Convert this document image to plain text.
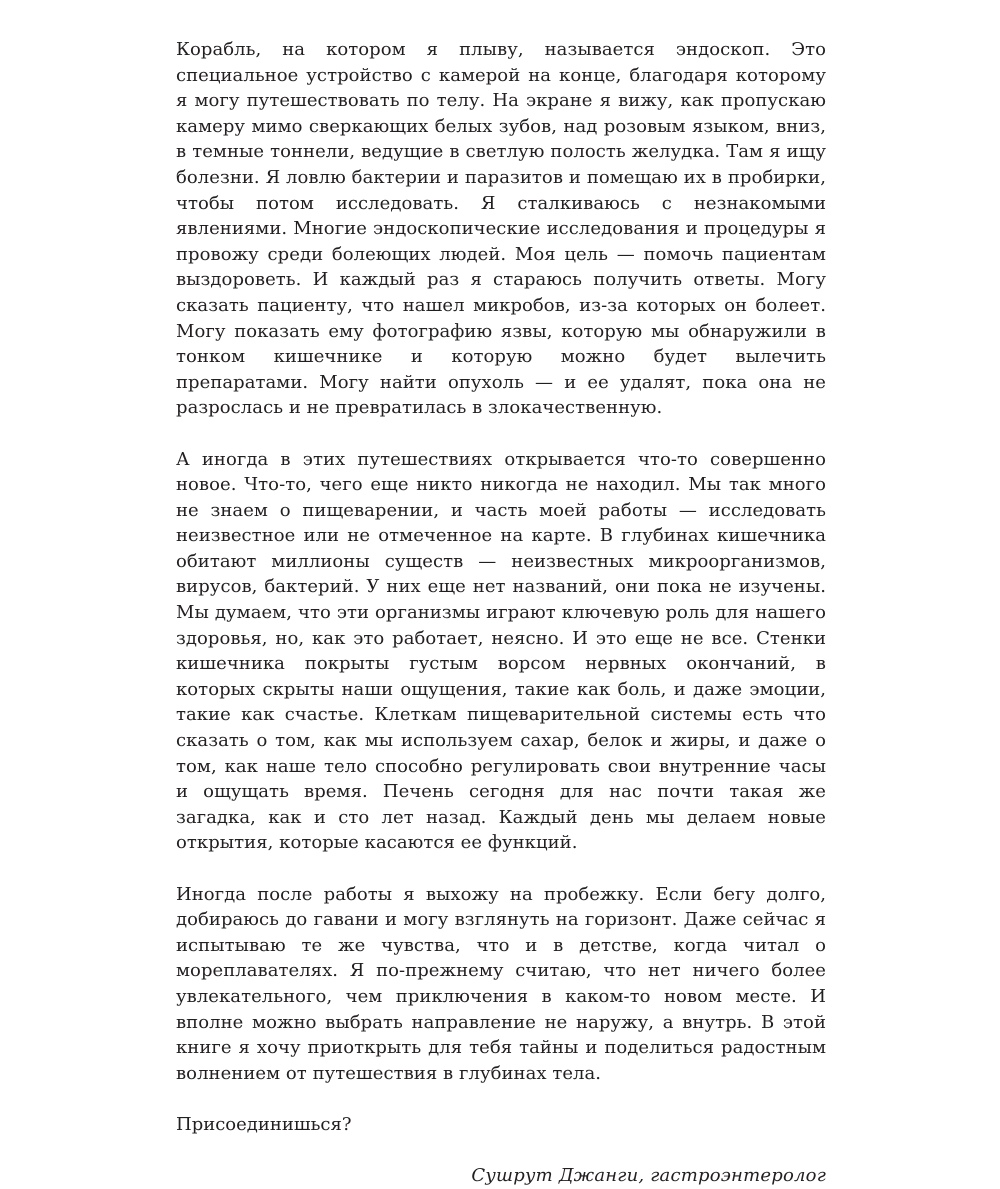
Корабль, на котором я плыву, называется эндоскоп. Это специальное устройство с камерой на конце, благодаря которому я могу путешествовать по телу. На экране я вижу, как пропускаю камеру мимо сверкающих белых зубов, над розовым языком, вниз, в темные тоннели, ведущие в светлую полость желудка. Там я ищу болезни. Я ловлю бактерии и паразитов и помещаю их в пробирки, чтобы потом исследовать. Я сталкиваюсь с незнакомыми явлениями. Многие эндоскопические исследования и процедуры я провожу среди болеющих людей. Моя цель — помочь пациентам выздороветь. И каждый раз я стараюсь получить ответы. Могу сказать пациенту, что нашел микробов, из-за которых он болеет. Могу показать ему фотографию язвы, которую мы обнаружили в тонком кишечнике и которую можно будет вылечить препаратами. Могу найти опухоль — и ее удалят, пока она не разрослась и не превратилась в злокачественную.

А иногда в этих путешествиях открывается что-то совершенно новое. Что-то, чего еще никто никогда не находил. Мы так много не знаем о пищеварении, и часть моей работы — исследовать неизвестное или не отмеченное на карте. В глубинах кишечника обитают миллионы существ — неизвестных микроорганизмов, вирусов, бактерий. У них еще нет названий, они пока не изучены. Мы думаем, что эти организмы играют ключевую роль для нашего здоровья, но, как это работает, неясно. И это еще не все. Стенки кишечника покрыты густым ворсом нервных окончаний, в которых скрыты наши ощущения, такие как боль, и даже эмоции, такие как счастье. Клеткам пищеварительной системы есть что сказать о том, как мы используем сахар, белок и жиры, и даже о том, как наше тело способно регулировать свои внутренние часы и ощущать время. Печень сегодня для нас почти такая же загадка, как и сто лет назад. Каждый день мы делаем новые открытия, которые касаются ее функций.

Иногда после работы я выхожу на пробежку. Если бегу долго, добираюсь до гавани и могу взглянуть на горизонт. Даже сейчас я испытываю те же чувства, что и в детстве, когда читал о мореплавателях. Я по-прежнему считаю, что нет ничего более увлекательного, чем приключения в каком-то новом месте. И вполне можно выбрать направление не наружу, а внутрь. В этой книге я хочу приоткрыть для тебя тайны и поделиться радостным волнением от путешествия в глубинах тела.

Присоединишься?

Сушрут Джанги, гастроэнтеролог
